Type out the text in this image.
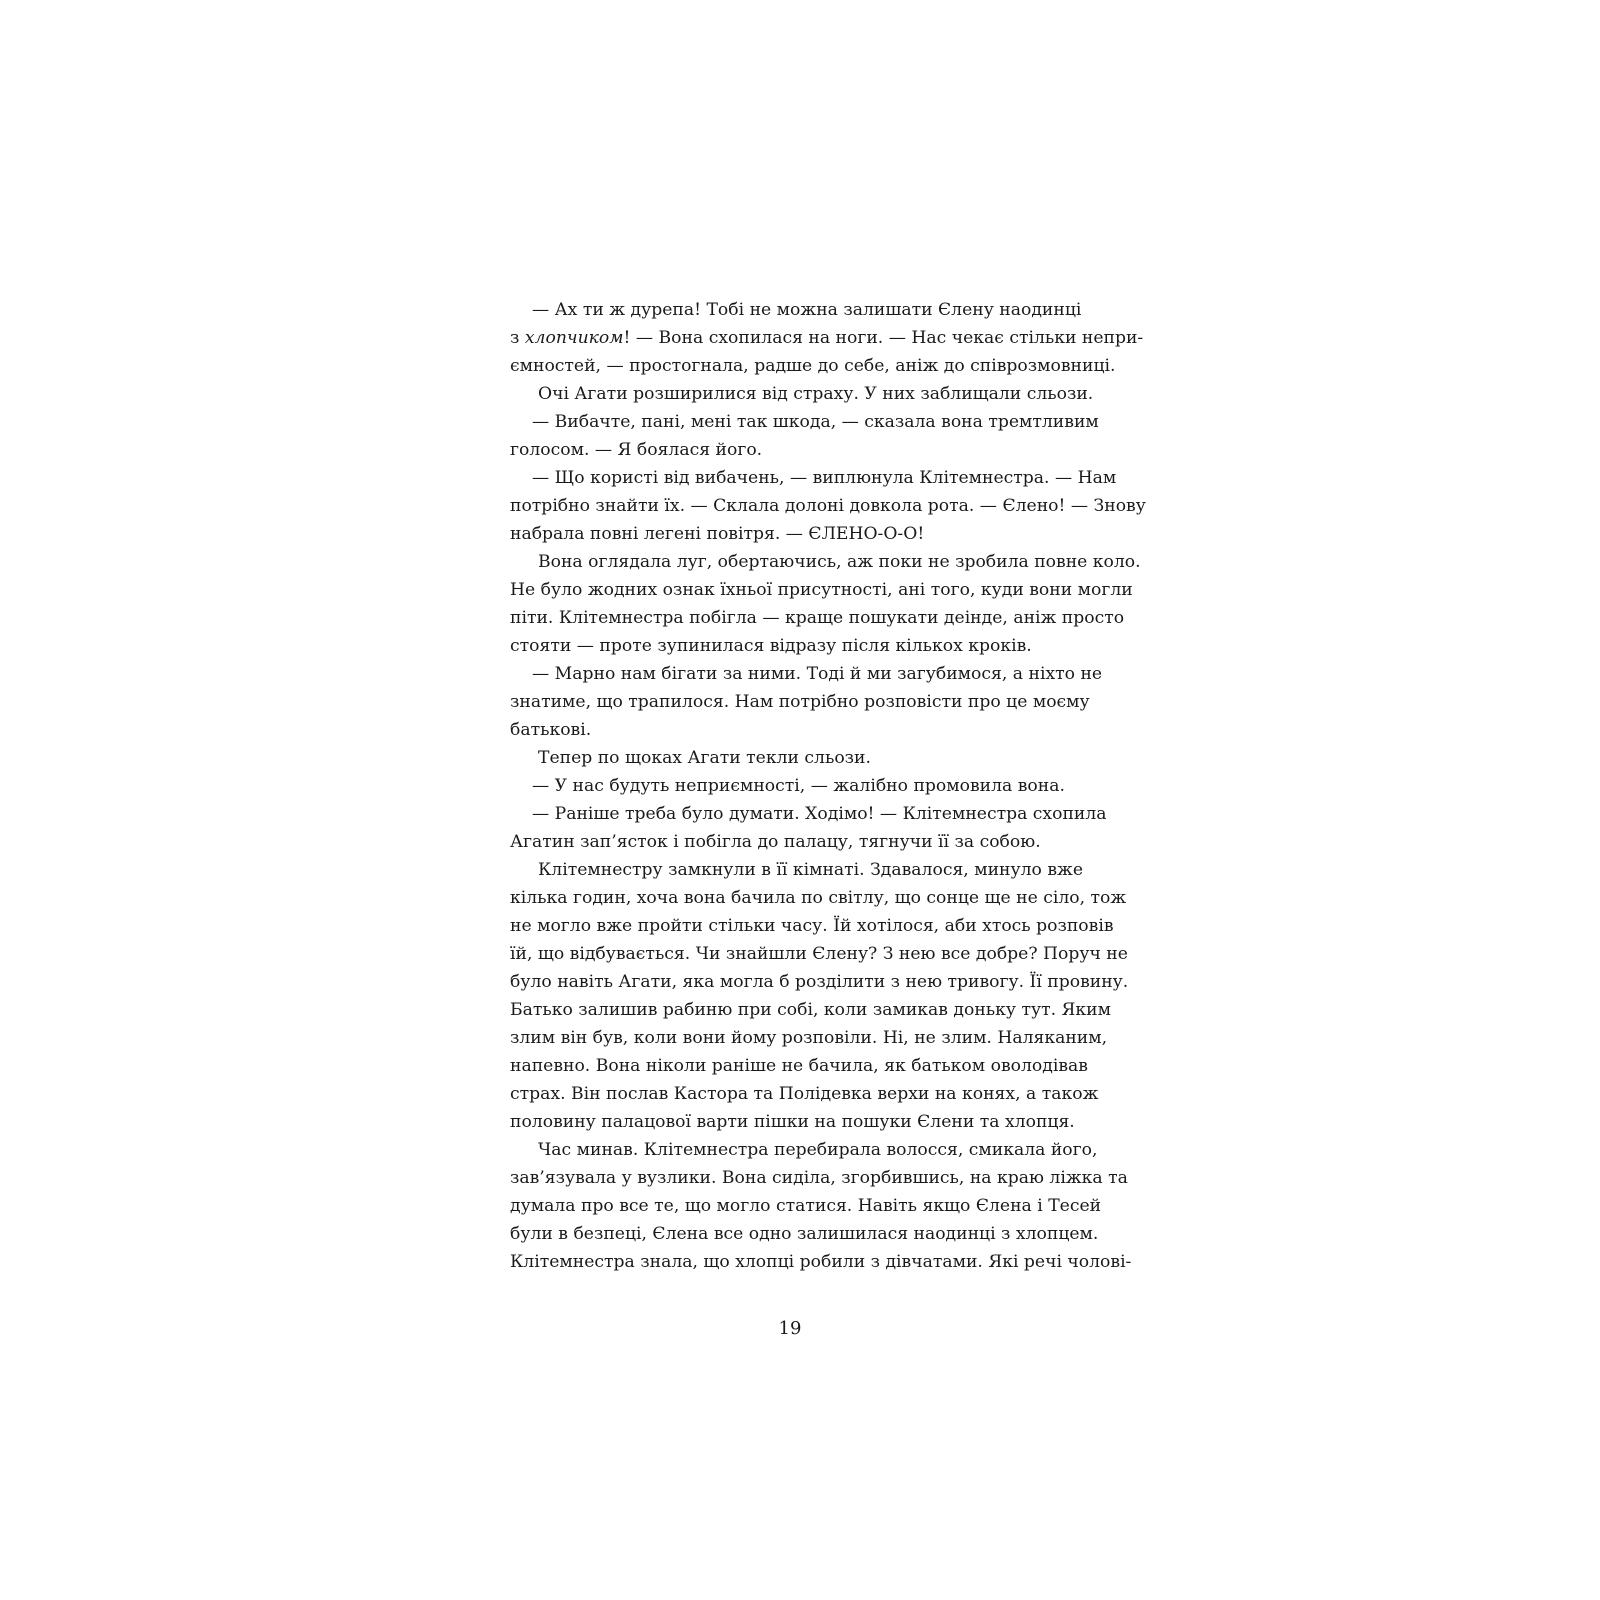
— Ах ти ж дурепа! Тобі не можна залишати Єлену наодинці
з хлопчиком! — Вона схопилася на ноги. — Нас чекає стільки непри-
ємностей, — простогнала, радше до себе, аніж до співрозмовниці.
Очі Агати розширилися від страху. У них заблищали сльози.
— Вибачте, пані, мені так шкода, — сказала вона тремтливим
голосом. — Я боялася його.
— Що користі від вибачень, — виплюнула Клітемнестра. — Нам
потрібно знайти їх. — Склала долоні довкола рота. — Єлено! — Знову
набрала повні легені повітря. — ЄЛЕНО-О-О!
Вона оглядала луг, обертаючись, аж поки не зробила повне коло.
Не було жодних ознак їхньої присутності, ані того, куди вони могли
піти. Клітемнестра побігла — краще пошукати деінде, аніж просто
стояти — проте зупинилася відразу після кількох кроків.
— Марно нам бігати за ними. Тоді й ми загубимося, а ніхто не
знатиме, що трапилося. Нам потрібно розповісти про це моєму
батькові.
Тепер по щоках Агати текли сльози.
— У нас будуть неприємності, — жалібно промовила вона.
— Раніше треба було думати. Ходімо! — Клітемнестра схопила
Агатин зап’ясток і побігла до палацу, тягнучи її за собою.
Клітемнестру замкнули в її кімнаті. Здавалося, минуло вже
кілька годин, хоча вона бачила по світлу, що сонце ще не сіло, тож
не могло вже пройти стільки часу. Їй хотілося, аби хтось розповів
їй, що відбувається. Чи знайшли Єлену? З нею все добре? Поруч не
було навіть Агати, яка могла б розділити з нею тривогу. Її провину.
Батько залишив рабиню при собі, коли замикав доньку тут. Яким
злим він був, коли вони йому розповіли. Ні, не злим. Наляканим,
напевно. Вона ніколи раніше не бачила, як батьком оволодівав
страх. Він послав Кастора та Полідевка верхи на конях, а також
половину палацової варти пішки на пошуки Єлени та хлопця.
Час минав. Клітемнестра перебирала волосся, смикала його,
зав’язувала у вузлики. Вона сиділа, згорбившись, на краю ліжка та
думала про все те, що могло статися. Навіть якщо Єлена і Тесей
були в безпеці, Єлена все одно залишилася наодинці з хлопцем.
Клітемнестра знала, що хлопці робили з дівчатами. Які речі чолові-
19
